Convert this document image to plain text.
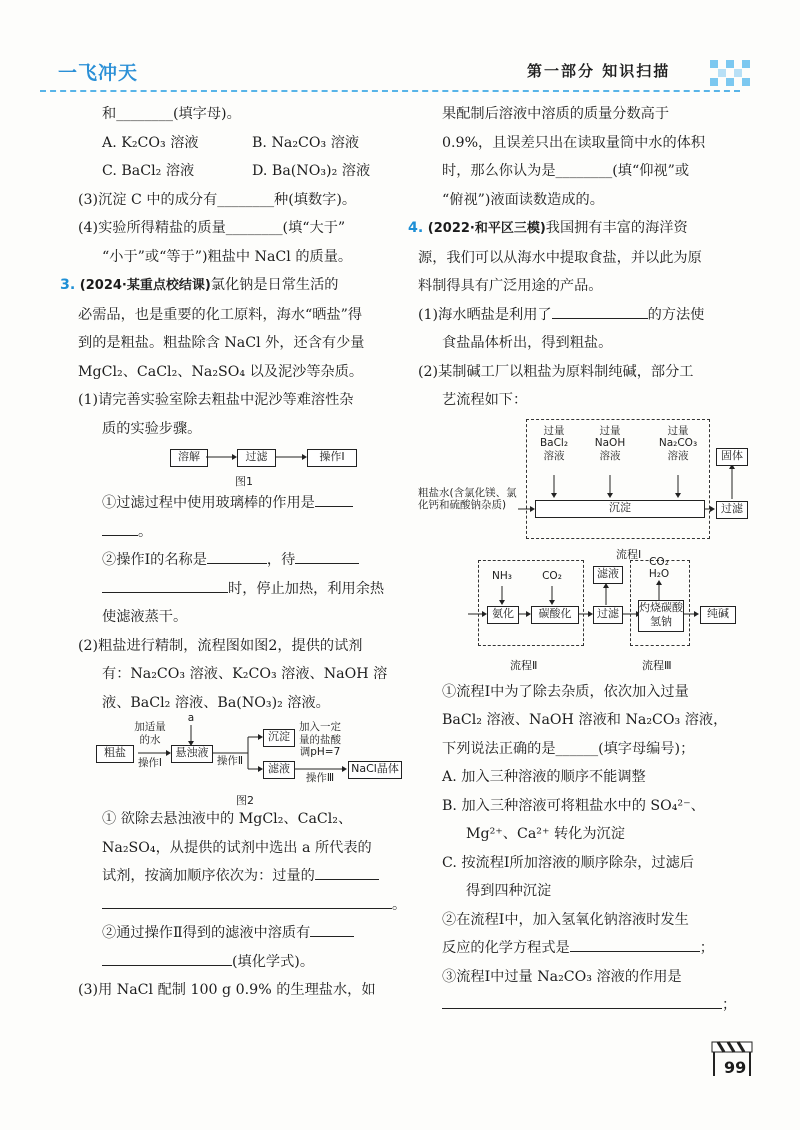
一飞冲天	第一部分 知识扫描

和________(填字母)。

A. K₂CO₃ 溶液	B. Na₂CO₃ 溶液

C. BaCl₂ 溶液	D. Ba(NO₃)₂ 溶液

(3)沉淀 C 中的成分有________种(填数字)。

(4)实验所得精盐的质量________(填“大于”

“小于”或“等于”)粗盐中 NaCl 的质量。

3. (2024·某重点校结课)氯化钠是日常生活的

必需品，也是重要的化工原料，海水“晒盐”得

到的是粗盐。粗盐除含 NaCl 外，还含有少量

MgCl₂、CaCl₂、Na₂SO₄ 以及泥沙等杂质。

(1)请完善实验室除去粗盐中泥沙等难溶性杂

质的实验步骤。

溶解	过滤	操作Ⅰ
图1

①过滤过程中使用玻璃棒的作用是

。

②操作Ⅰ的名称是	，待

时，停止加热，利用余热

使滤液蒸干。

(2)粗盐进行精制，流程图如图2，提供的试剂

有：Na₂CO₃ 溶液、K₂CO₃ 溶液、NaOH 溶

液、BaCl₂ 溶液、Ba(NO₃)₂ 溶液。

粗盐
加适量的水
操作Ⅰ
a
悬浊液
操作Ⅱ
沉淀
滤液
加入一定量的盐酸调pH=7
操作Ⅲ
NaCl晶体
图2

① 欲除去悬浊液中的 MgCl₂、CaCl₂、

Na₂SO₄，从提供的试剂中选出 a 所代表的

试剂，按滴加顺序依次为：过量的

。

②通过操作Ⅱ得到的滤液中溶质有

(填化学式)。

(3)用 NaCl 配制 100 g 0.9% 的生理盐水，如

果配制后溶液中溶质的质量分数高于

0.9%，且误差只出在读取量筒中水的体积

时，那么你认为是________(填“仰视”或

“俯视”)液面读数造成的。

4. (2022·和平区三模)我国拥有丰富的海洋资

源，我们可以从海水中提取食盐，并以此为原

料制得具有广泛用途的产品。

(1)海水晒盐是利用了	的方法使

食盐晶体析出，得到粗盐。

(2)某制碱工厂以粗盐为原料制纯碱，部分工

艺流程如下：

过量 BaCl₂ 溶液
过量 NaOH 溶液
过量 Na₂CO₃ 溶液
粗盐水(含氯化镁、氯化钙和硫酸钠杂质)	沉淀
固体
过滤
流程Ⅰ
NH₃	CO₂
氨化	碳酸化	过滤
滤液
CO₂ H₂O
灼烧碳酸氢钠
纯碱
流程Ⅱ	流程Ⅲ

①流程Ⅰ中为了除去杂质，依次加入过量

BaCl₂ 溶液、NaOH 溶液和 Na₂CO₃ 溶液，

下列说法正确的是______(填字母编号)；

A. 加入三种溶液的顺序不能调整

B. 加入三种溶液可将粗盐水中的 SO₄²⁻、

Mg²⁺、Ca²⁺ 转化为沉淀

C. 按流程Ⅰ所加溶液的顺序除杂，过滤后

得到四种沉淀

②在流程Ⅰ中，加入氢氧化钠溶液时发生

反应的化学方程式是	；

③流程Ⅰ中过量 Na₂CO₃ 溶液的作用是

；

99
